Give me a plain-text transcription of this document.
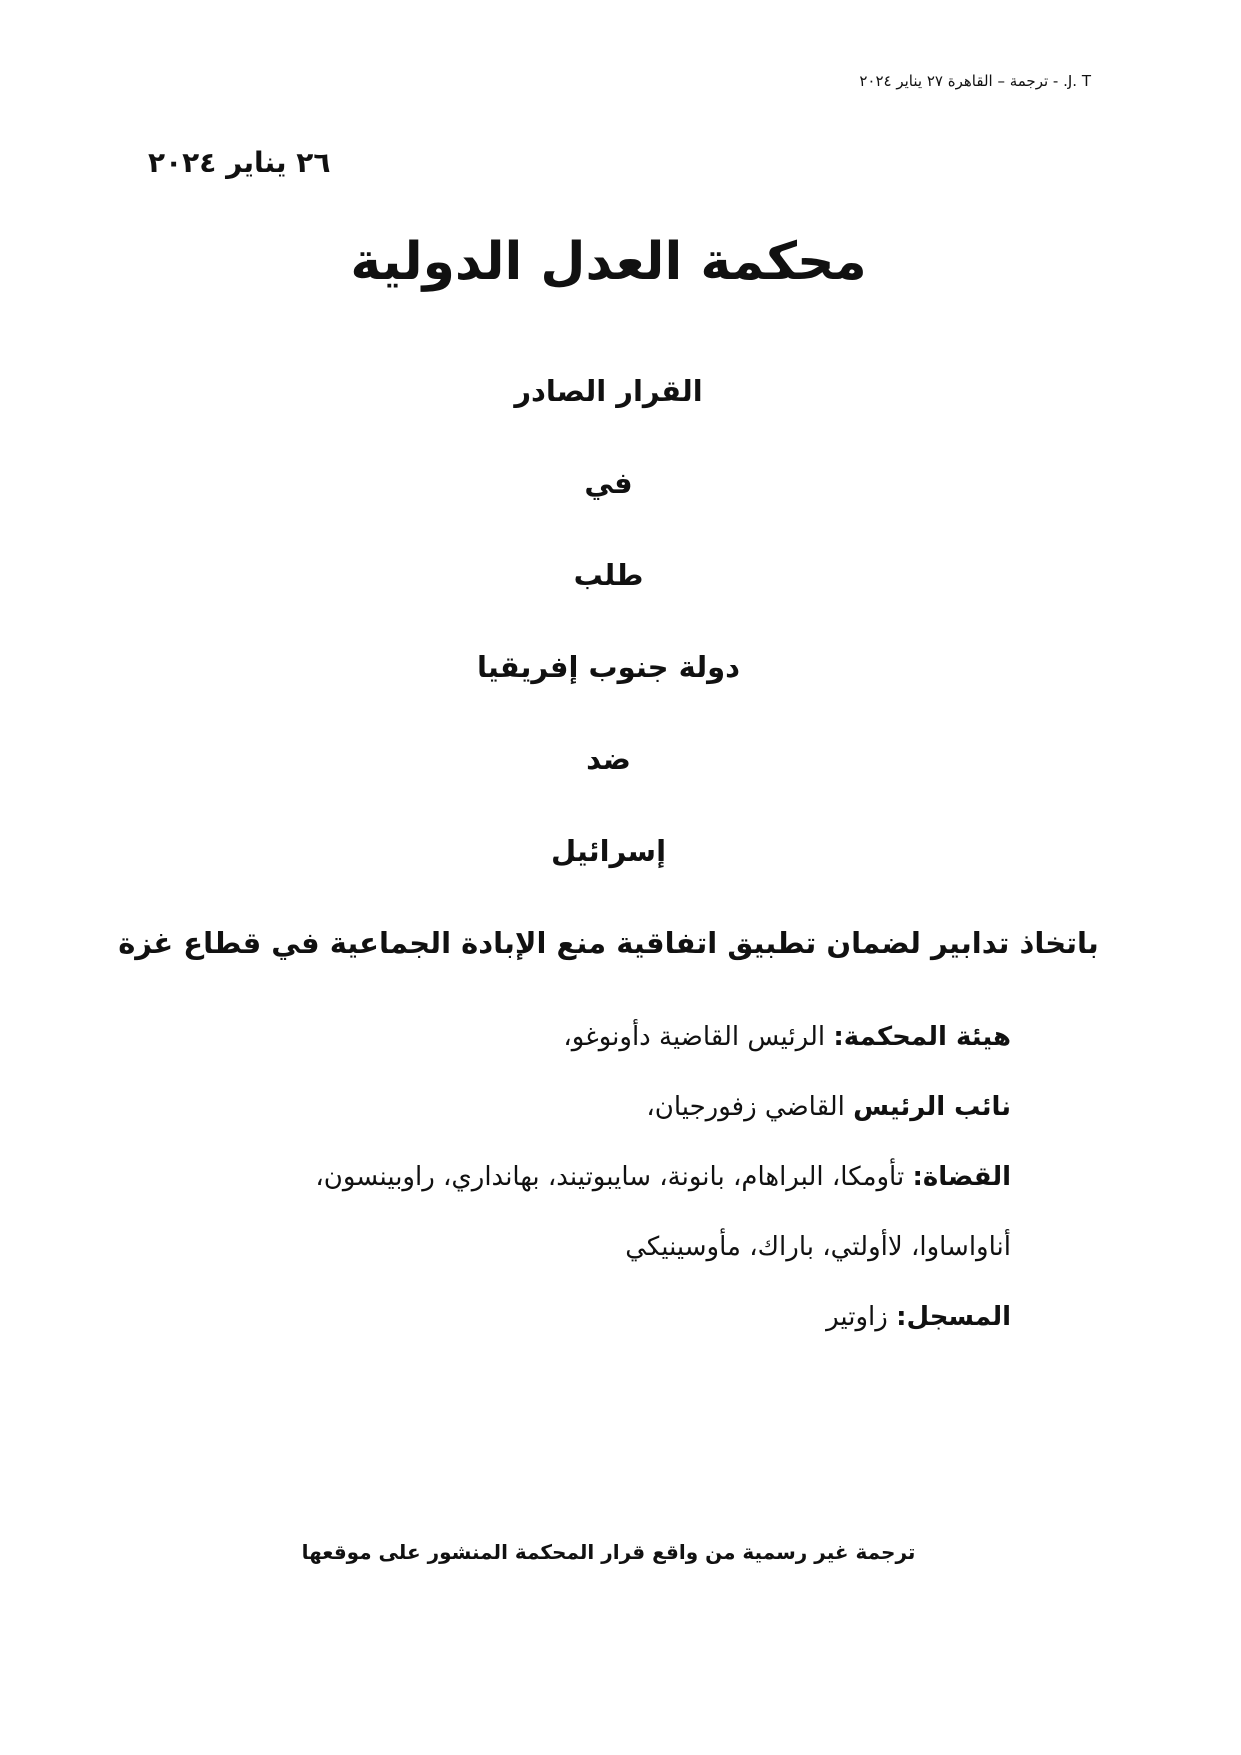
J. T. - ترجمة – القاهرة ٢٧ يناير ٢٠٢٤
٢٦ يناير ٢٠٢٤
محكمة العدل الدولية
القرار الصادر
في
طلب
دولة جنوب إفريقيا
ضد
إسرائيل
باتخاذ تدابير لضمان تطبيق اتفاقية منع الإبادة الجماعية في قطاع غزة
هيئة المحكمة: الرئيس القاضية دأونوغو،
نائب الرئيس القاضي زفورجيان،
القضاة: تأومكا، البراهام، بانونة، سايبوتيند، بهانداري، راوبينسون،
أناواساوا، لاأولتي، باراك، مأوسينيكي
المسجل: زاوتير
ترجمة غير رسمية من واقع قرار المحكمة المنشور على موقعها
